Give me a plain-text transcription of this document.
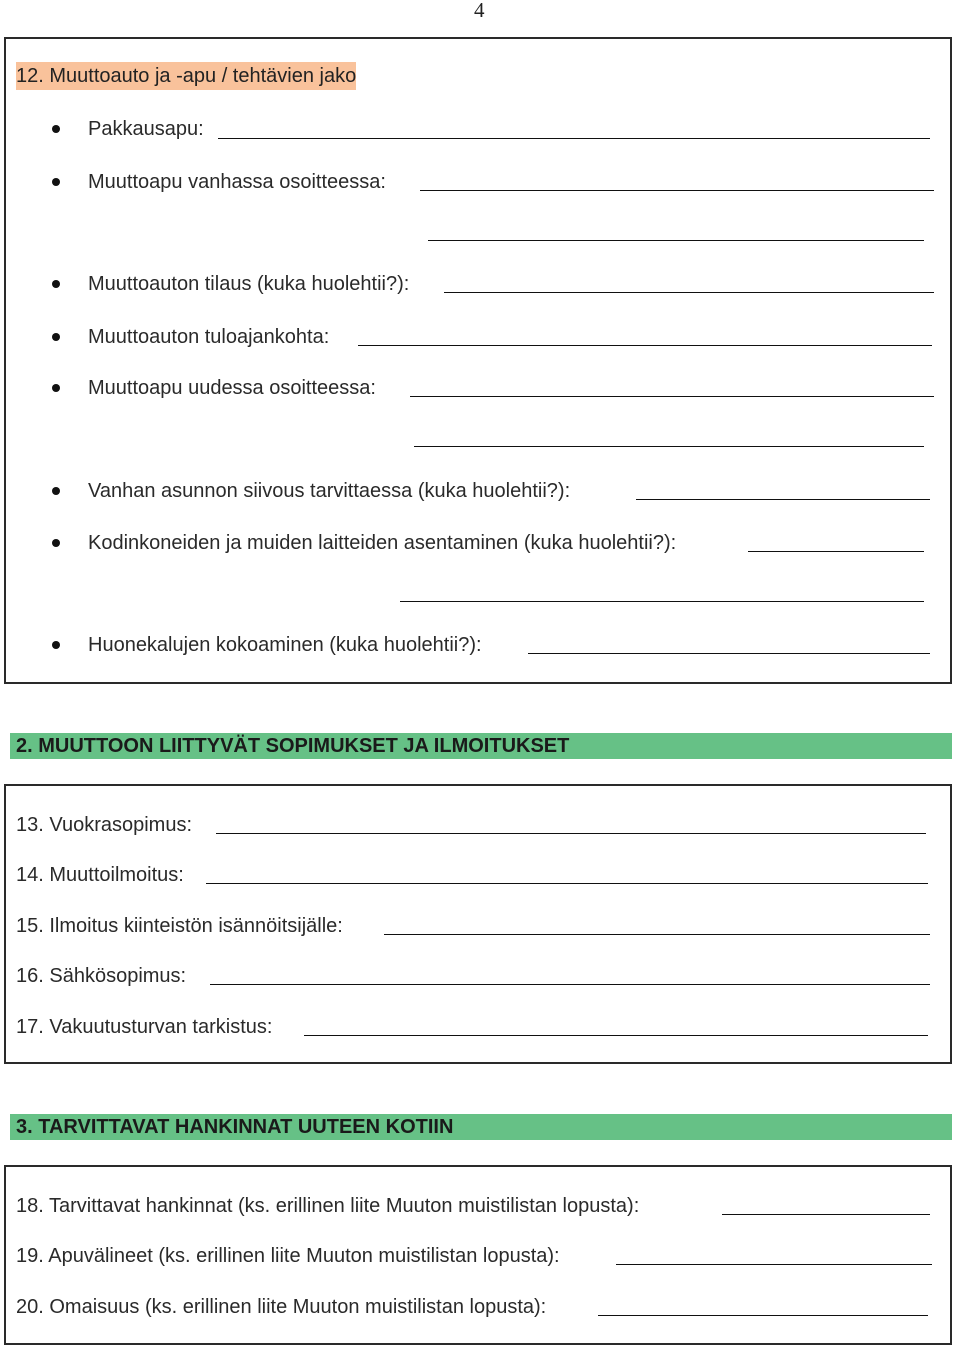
4
12. Muuttoauto ja -apu / tehtävien jako
Pakkausapu:
Muuttoapu vanhassa osoitteessa:
Muuttoauton tilaus (kuka huolehtii?):
Muuttoauton tuloajankohta:
Muuttoapu uudessa osoitteessa:
Vanhan asunnon siivous tarvittaessa (kuka huolehtii?):
Kodinkoneiden ja muiden laitteiden asentaminen (kuka huolehtii?):
Huonekalujen kokoaminen (kuka huolehtii?):
2. MUUTTOON LIITTYVÄT SOPIMUKSET JA ILMOITUKSET
13. Vuokrasopimus:
14. Muuttoilmoitus:
15. Ilmoitus kiinteistön isännöitsijälle:
16. Sähkösopimus:
17. Vakuutusturvan tarkistus:
3. TARVITTAVAT HANKINNAT UUTEEN KOTIIN
18. Tarvittavat hankinnat (ks. erillinen liite Muuton muistilistan lopusta):
19. Apuvälineet (ks. erillinen liite Muuton muistilistan lopusta):
20. Omaisuus (ks. erillinen liite Muuton muistilistan lopusta):
